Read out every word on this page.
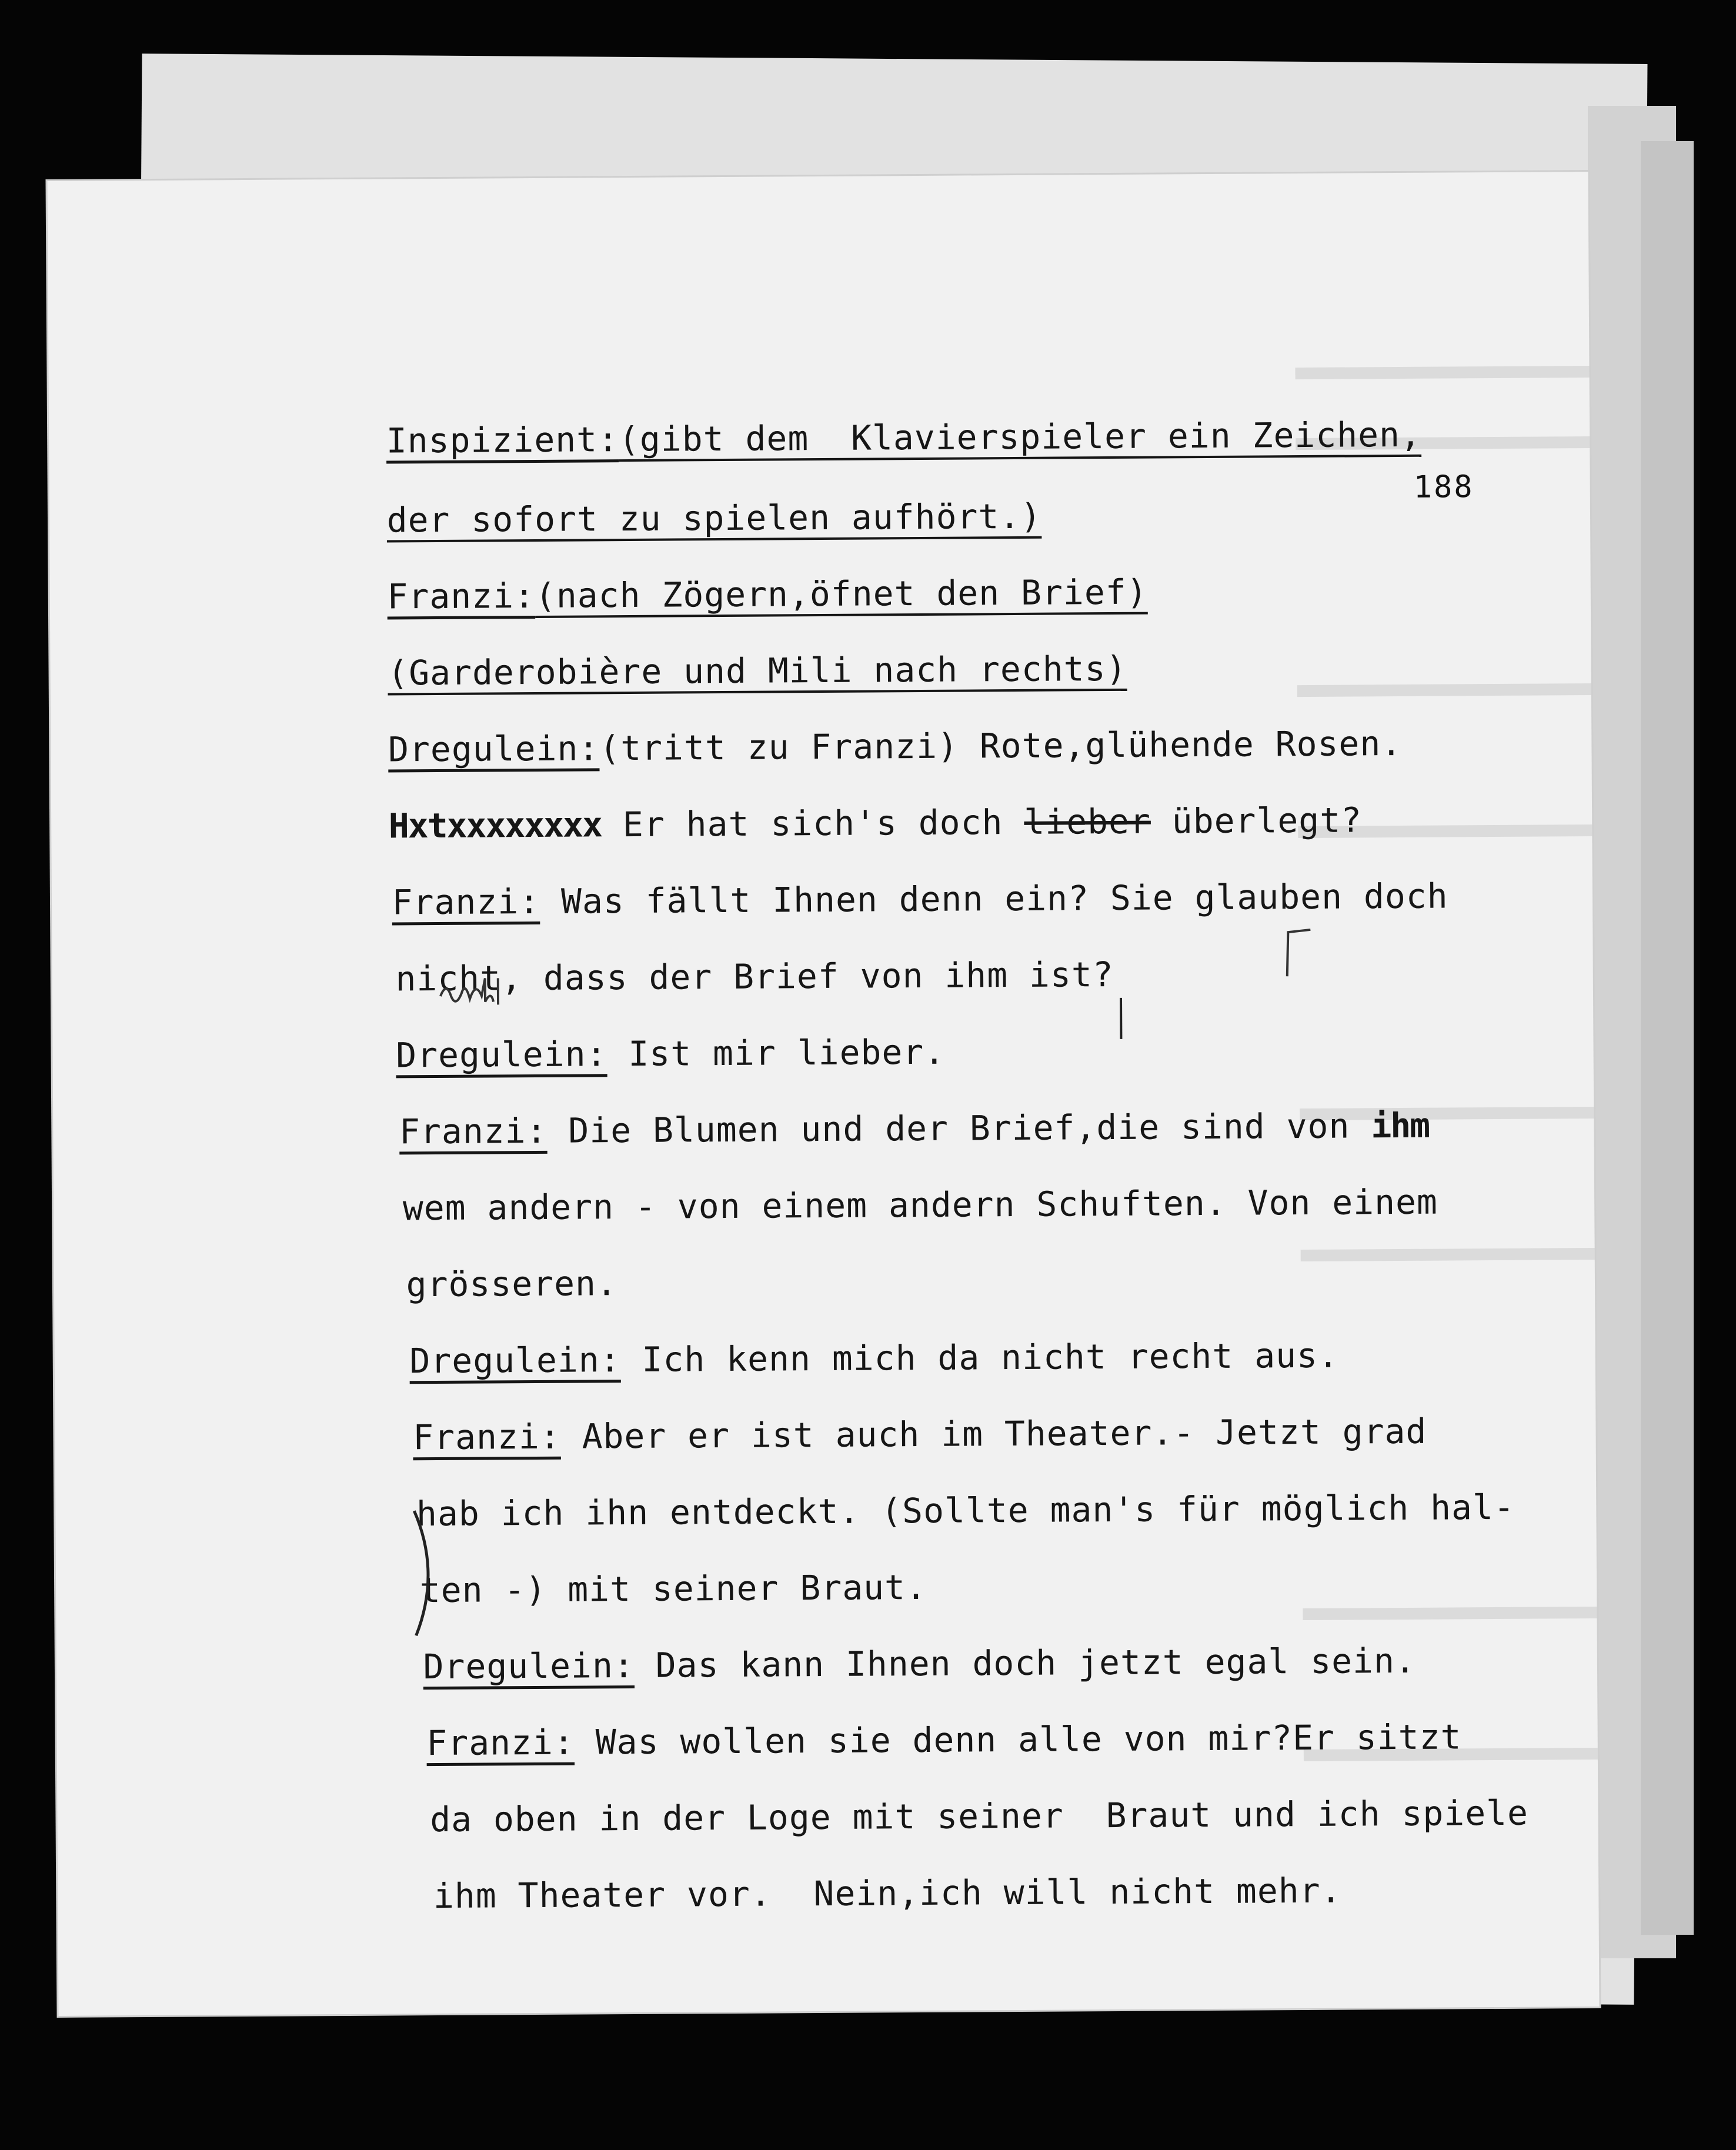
188

Inspizient:(gibt dem  Klavierspieler ein Zeichen,

der sofort zu spielen aufhört.)

Franzi:(nach Zögern,öfnet den Brief)

(Garderobière und Mili nach rechts)

Dregulein:(tritt zu Franzi) Rote,glühende Rosen.

Hxtxxxxxxxx Er hat sich's doch lieber überlegt?

Franzi: Was fällt Ihnen denn ein? Sie glauben doch

nicht, dass der Brief von ihm ist?

Dregulein: Ist mir lieber.

Franzi: Die Blumen und der Brief,die sind von ihm

wem andern - von einem andern Schuften. Von einem

grösseren.

Dregulein: Ich kenn mich da nicht recht aus.

Franzi: Aber er ist auch im Theater.- Jetzt grad

hab ich ihn entdeckt. (Sollte man's für möglich hal-

ten -) mit seiner Braut.

Dregulein: Das kann Ihnen doch jetzt egal sein.

Franzi: Was wollen sie denn alle von mir?Er sitzt

da oben in der Loge mit seiner  Braut und ich spiele

ihm Theater vor.  Nein,ich will nicht mehr.
